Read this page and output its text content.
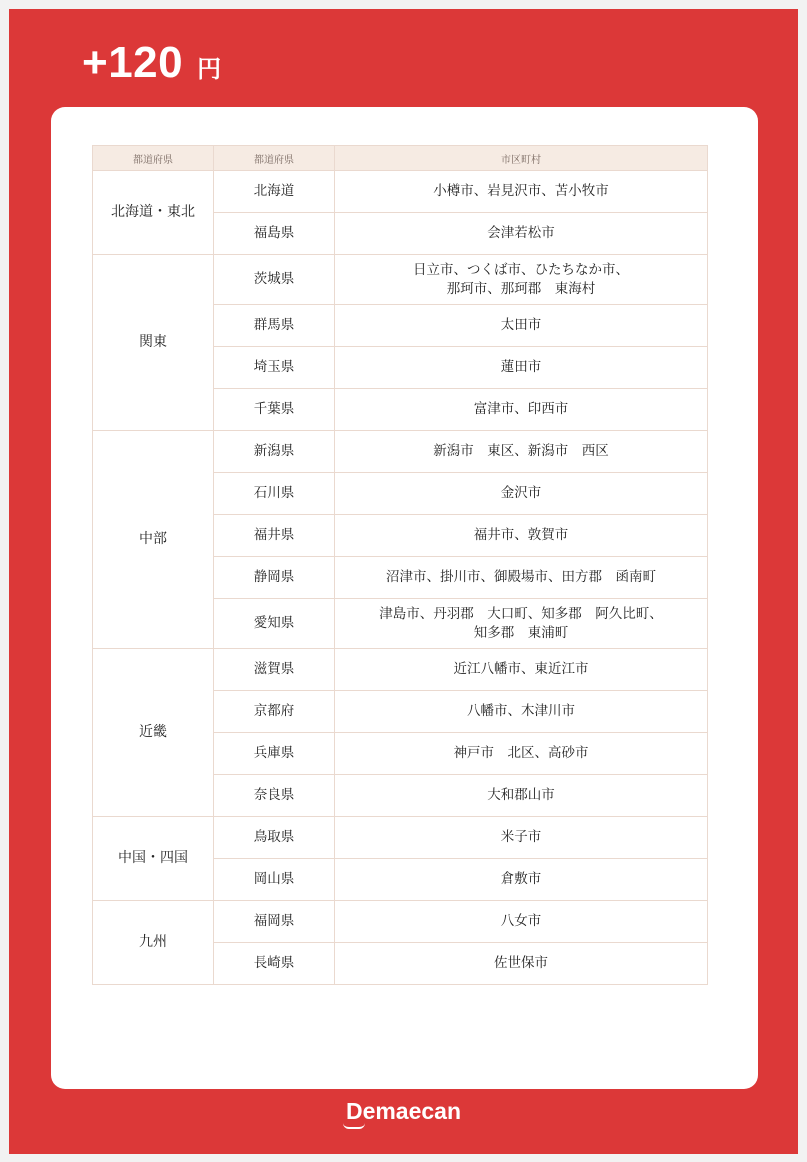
+120 円
都道府県	都道府県	市区町村
北海道・東北	北海道	小樽市、岩見沢市、苫小牧市

	福島県	会津若松市

関東	茨城県	日立市、つくば市、ひたちなか市、
那珂市、那珂郡　東海村

	群馬県	太田市

	埼玉県	蓮田市

	千葉県	富津市、印西市

中部	新潟県	新潟市　東区、新潟市　西区

	石川県	金沢市

	福井県	福井市、敦賀市

	静岡県	沼津市、掛川市、御殿場市、田方郡　函南町

	愛知県	津島市、丹羽郡　大口町、知多郡　阿久比町、
知多郡　東浦町

近畿	滋賀県	近江八幡市、東近江市

	京都府	八幡市、木津川市

	兵庫県	神戸市　北区、高砂市

	奈良県	大和郡山市

中国・四国	鳥取県	米子市

	岡山県	倉敷市

九州	福岡県	八女市

	長崎県	佐世保市
Demaecan
